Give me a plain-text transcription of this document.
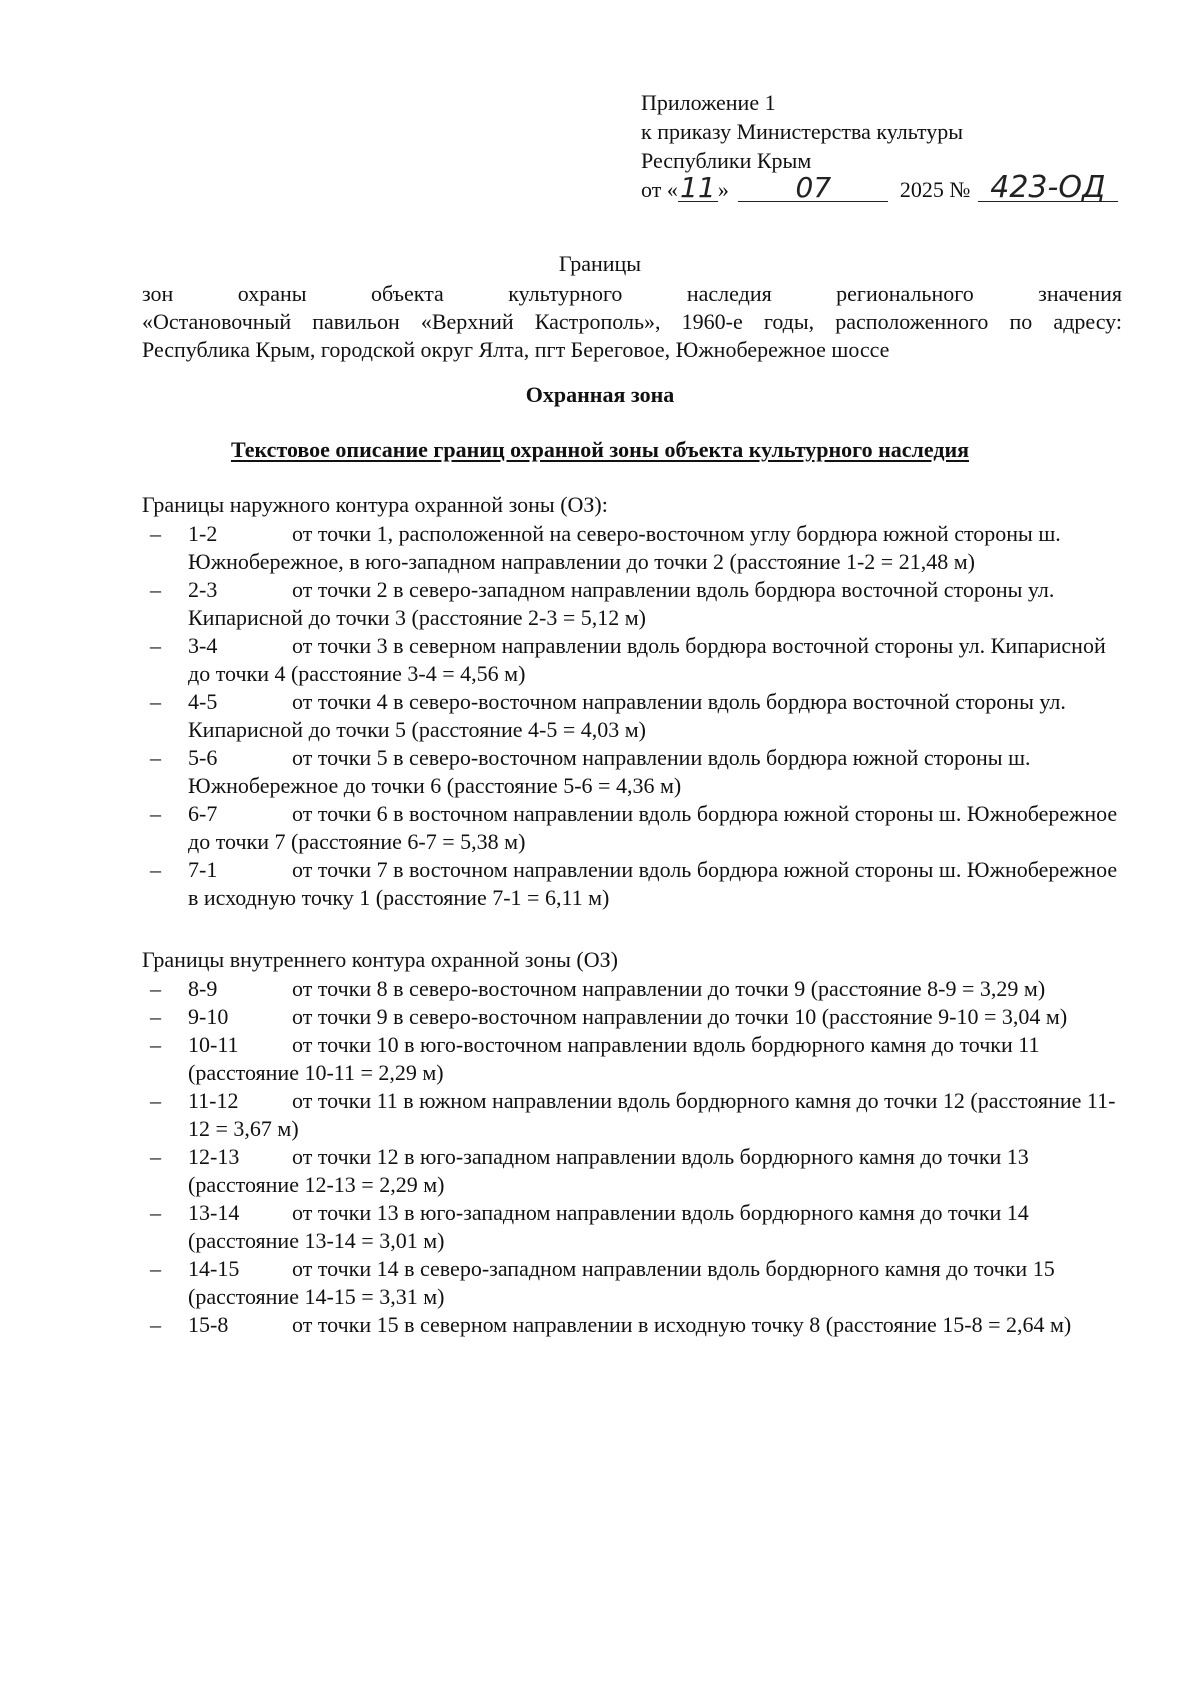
Приложение 1
к приказу Министерства культуры
Республики Крым
от «11» 07	2025 № 423-ОД
Границы
зон охраны объекта культурного наследия регионального значения
«Остановочный павильон «Верхний Кастрополь», 1960-е годы, расположенного по адресу:
Республика Крым, городской округ Ялта, пгт Береговое, Южнобережное шоссе
Охранная зона
Текстовое описание границ охранной зоны объекта культурного наследия

Границы наружного контура охранной зоны (ОЗ):

– 1-2	от точки 1, расположенной на северо-восточном углу бордюра южной стороны ш. Южнобережное, в юго-западном направлении до точки 2 (расстояние 1-2 = 21,48 м)

– 2-3	от точки 2 в северо-западном направлении вдоль бордюра восточной стороны ул. Кипарисной до точки 3 (расстояние 2-3 = 5,12 м)

– 3-4	от точки 3 в северном направлении вдоль бордюра восточной стороны ул. Кипарисной до точки 4 (расстояние 3-4 = 4,56 м)

– 4-5	от точки 4 в северо-восточном направлении вдоль бордюра восточной стороны ул. Кипарисной до точки 5 (расстояние 4-5 = 4,03 м)

– 5-6	от точки 5 в северо-восточном направлении вдоль бордюра южной стороны ш. Южнобережное до точки 6 (расстояние 5-6 = 4,36 м)

– 6-7	от точки 6 в восточном направлении вдоль бордюра южной стороны ш. Южнобережное до точки 7 (расстояние 6-7 = 5,38 м)

– 7-1	от точки 7 в восточном направлении вдоль бордюра южной стороны ш. Южнобережное в исходную точку 1 (расстояние 7-1 = 6,11 м)

Границы внутреннего контура охранной зоны (ОЗ)

– 8-9	от точки 8 в северо-восточном направлении до точки 9 (расстояние 8-9 = 3,29 м)

– 9-10	от точки 9 в северо-восточном направлении до точки 10 (расстояние 9-10 = 3,04 м)

– 10-11 от точки 10 в юго-восточном направлении вдоль бордюрного камня до точки 11 (расстояние 10-11 = 2,29 м)

– 11-12 от точки 11 в южном направлении вдоль бордюрного камня до точки 12 (расстояние 11-12 = 3,67 м)

– 12-13 от точки 12 в юго-западном направлении вдоль бордюрного камня до точки 13 (расстояние 12-13 = 2,29 м)

– 13-14 от точки 13 в юго-западном направлении вдоль бордюрного камня до точки 14 (расстояние 13-14 = 3,01 м)

– 14-15 от точки 14 в северо-западном направлении вдоль бордюрного камня до точки 15 (расстояние 14-15 = 3,31 м)

– 15-8	от точки 15 в северном направлении в исходную точку 8 (расстояние 15-8 = 2,64 м)
